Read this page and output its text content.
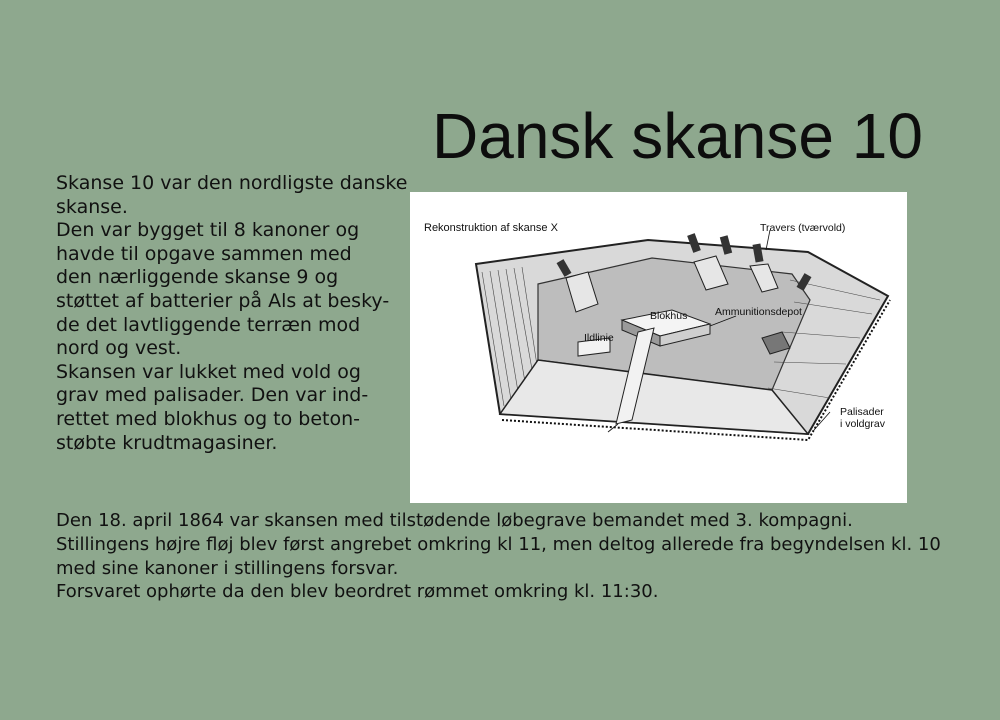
Dansk skanse 10
Skanse 10 var den nordligste danske
skanse.
Den var bygget til 8 kanoner og
havde til opgave sammen med
den nærliggende skanse 9 og
støttet af batterier på Als at besky-
de det lavtliggende terræn mod
nord og vest.
Skansen var lukket med vold og
grav med palisader. Den var ind-
rettet med blokhus og to beton-
støbte krudtmagasiner.
Rekonstruktion af skanse X	Travers (tværvold)
Blokhus	Ammunitionsdepot
Ildlinie
Palisader
i voldgrav
Den 18. april 1864 var skansen med tilstødende løbegrave bemandet med 3. kompagni.
Stillingens højre fløj blev først angrebet omkring kl 11, men deltog allerede fra begyndelsen kl. 10
med sine kanoner i stillingens forsvar.
Forsvaret ophørte da den blev beordret rømmet omkring kl. 11:30.
